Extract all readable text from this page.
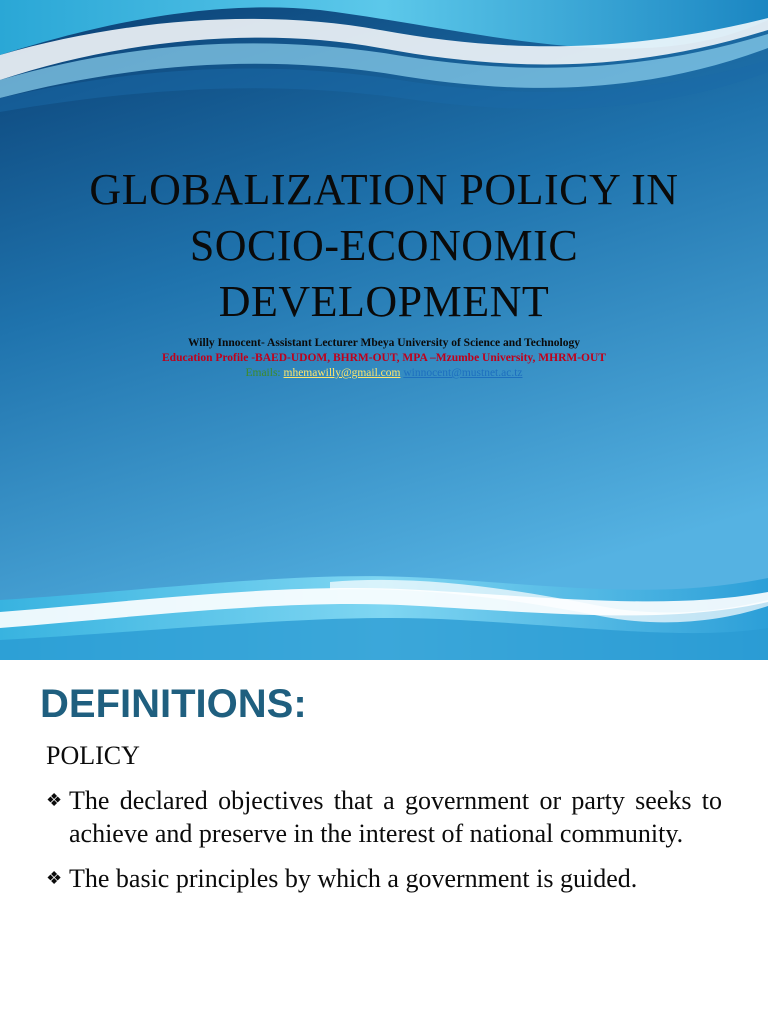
GLOBALIZATION POLICY IN
SOCIO-ECONOMIC
DEVELOPMENT
Willy Innocent- Assistant Lecturer Mbeya University of Science and Technology
Education Profile -BAED-UDOM, BHRM-OUT, MPA –Mzumbe University, MHRM-OUT
Emails: mhemawilly@gmail.com winnocent@mustnet.ac.tz
DEFINITIONS:
POLICY
❖ The declared objectives that a government or party seeks to achieve and preserve in the interest of national community.
❖ The basic principles by which a government is guided.
